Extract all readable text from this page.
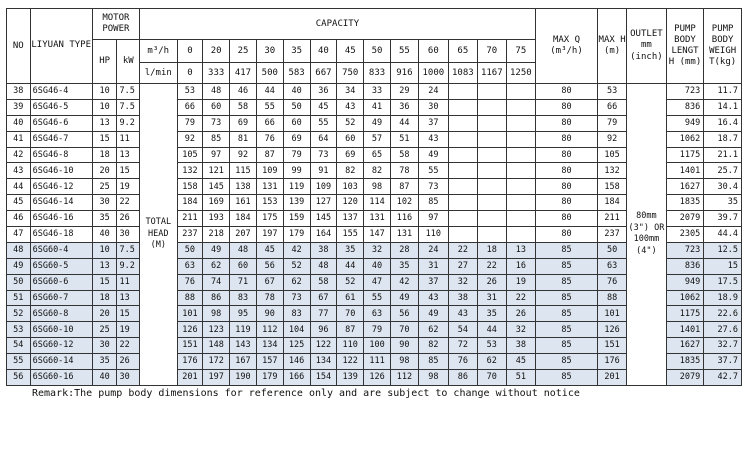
NO	LIYUAN TYPE	MOTOR POWER		CAPACITY														MAX Q (m³/h)	MAX H (m)	OUTLET mm (inch)	PUMP BODY LENGT H (mm)	PUMP BODY WEIGH T(kg)
		HP	kW	m³/h	0	20	25	30	35	40	45	50	55	60	65	70	75					
				l/min	0	333	417	500	583	667	750	833	916	1000	1083	1167	1250					
38	6SG46-4	10	7.5	TOTAL HEAD (M)	53	48	46	44	40	36	34	33	29	24				80	53	80mm (3") OR 100mm (4")	723	11.7
39	6SG46-5	10	7.5		66	60	58	55	50	45	43	41	36	30				80	66		836	14.1
40	6SG46-6	13	9.2		79	73	69	66	60	55	52	49	44	37				80	79		949	16.4
41	6SG46-7	15	11		92	85	81	76	69	64	60	57	51	43				80	92		1062	18.7
42	6SG46-8	18	13		105	97	92	87	79	73	69	65	58	49				80	105		1175	21.1
43	6SG46-10	20	15		132	121	115	109	99	91	82	82	78	55				80	132		1401	25.7
44	6SG46-12	25	19		158	145	138	131	119	109	103	98	87	73				80	158		1627	30.4
45	6SG46-14	30	22		184	169	161	153	139	127	120	114	102	85				80	184		1835	35
46	6SG46-16	35	26		211	193	184	175	159	145	137	131	116	97				80	211		2079	39.7
47	6SG46-18	40	30		237	218	207	197	179	164	155	147	131	110				80	237		2305	44.4
48	6SG60-4	10	7.5		50	49	48	45	42	38	35	32	28	24	22	18	13	85	50		723	12.5
49	6SG60-5	13	9.2		63	62	60	56	52	48	44	40	35	31	27	22	16	85	63		836	15
50	6SG60-6	15	11		76	74	71	67	62	58	52	47	42	37	32	26	19	85	76		949	17.5
51	6SG60-7	18	13		88	86	83	78	73	67	61	55	49	43	38	31	22	85	88		1062	18.9
52	6SG60-8	20	15		101	98	95	90	83	77	70	63	56	49	43	35	26	85	101		1175	22.6
53	6SG60-10	25	19		126	123	119	112	104	96	87	79	70	62	54	44	32	85	126		1401	27.6
54	6SG60-12	30	22		151	148	143	134	125	122	110	100	90	82	72	53	38	85	151		1627	32.7
55	6SG60-14	35	26		176	172	167	157	146	134	122	111	98	85	76	62	45	85	176		1835	37.7
56	6SG60-16	40	30		201	197	190	179	166	154	139	126	112	98	86	70	51	85	201		2079	42.7
Remark:The pump body dimensions for reference only and are subject to change without notice
